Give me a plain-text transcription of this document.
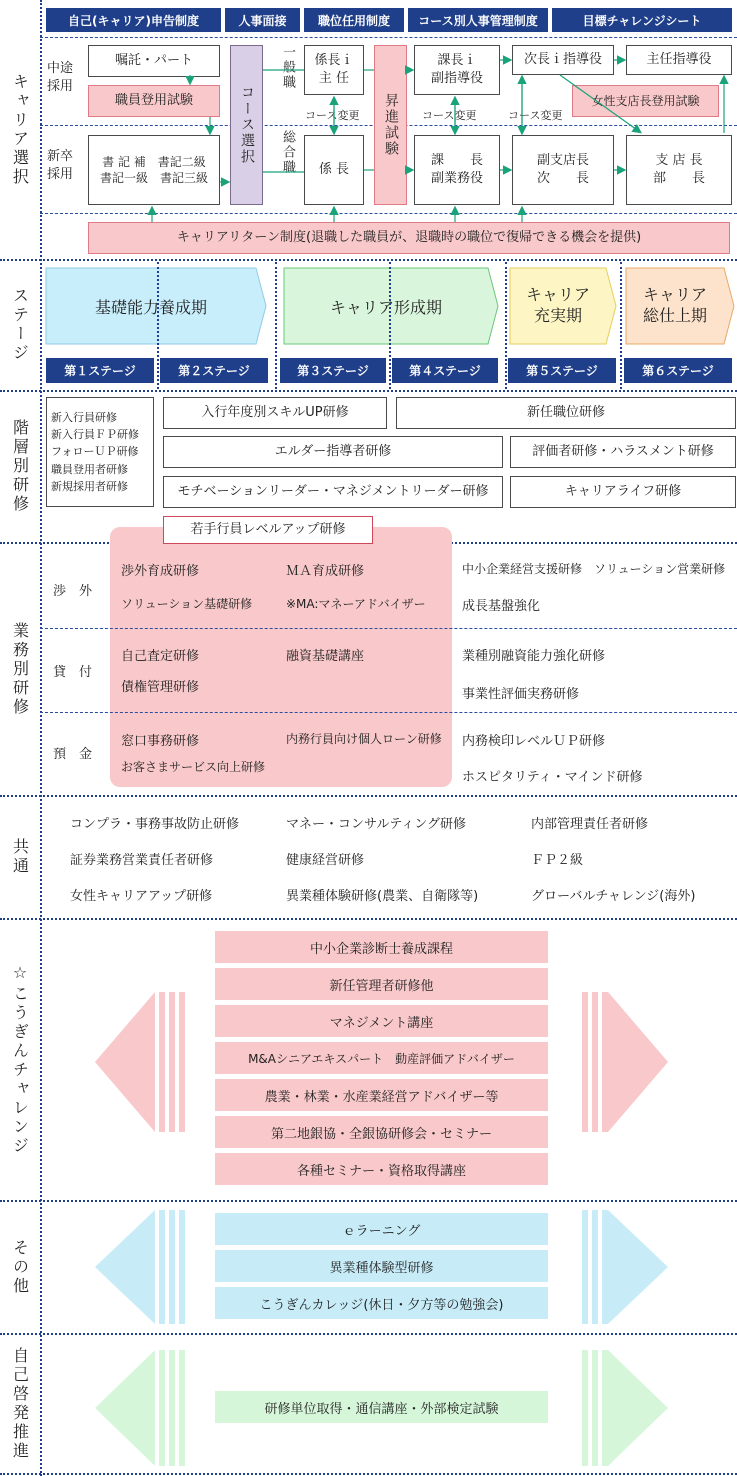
キャリア選択
ステージ
階層別研修
業務別研修
共通
☆こうぎんチャレンジ
その他
自己啓発推進
自己(キャリア)申告制度	人事面接	職位任用制度	コース別人事管理制度	目標チャレンジシート
中途
採用
新卒
採用
嘱託・パート
職員登用試験
書 記 補　書記二級
書記一級　書記三級
コース選択
一般職
総合職
係長ｉ
主 任
コース変更
係 長
昇進試験
課長ｉ
副指導役
コース変更
課　　長
副業務役
次長ｉ指導役
女性支店長登用試験
コース変更
副支店長
次　　長
主任指導役
支 店 長
部　　長
キャリアリターン制度(退職した職員が、退職時の職位で復帰できる機会を提供)
基礎能力養成期	キャリア形成期
キャリア
充実期
キャリア
総仕上期
第１ステージ	第２ステージ	第３ステージ	第４ステージ	第５ステージ	第６ステージ
新入行員研修
新入行員ＦＰ研修
フォローＵＰ研修
職員登用者研修
新規採用者研修
入行年度別スキルUP研修	新任職位研修
エルダー指導者研修	評価者研修・ハラスメント研修
モチベーションリーダー・マネジメントリーダー研修	キャリアライフ研修
若手行員レベルアップ研修
渉　外
貸　付
預　金
渉外育成研修	ＭＡ育成研修
ソリューション基礎研修	※MA:マネーアドバイザー
中小企業経営支援研修　ソリューション営業研修
成長基盤強化
自己査定研修	融資基礎講座
債権管理研修
業種別融資能力強化研修
事業性評価実務研修
窓口事務研修	内務行員向け個人ローン研修
お客さまサービス向上研修
内務検印レベルＵＰ研修
ホスピタリティ・マインド研修
コンプラ・事務事故防止研修	マネー・コンサルティング研修	内部管理責任者研修
証券業務営業責任者研修	健康経営研修	ＦＰ２級
女性キャリアアップ研修	異業種体験研修(農業、自衛隊等)	グローバルチャレンジ(海外)
中小企業診断士養成課程
新任管理者研修他
マネジメント講座
M&Aシニアエキスパート　動産評価アドバイザー
農業・林業・水産業経営アドバイザー等
第二地銀協・全銀協研修会・セミナー
各種セミナー・資格取得講座
ｅラーニング
異業種体験型研修
こうぎんカレッジ(休日・夕方等の勉強会)
研修単位取得・通信講座・外部検定試験
